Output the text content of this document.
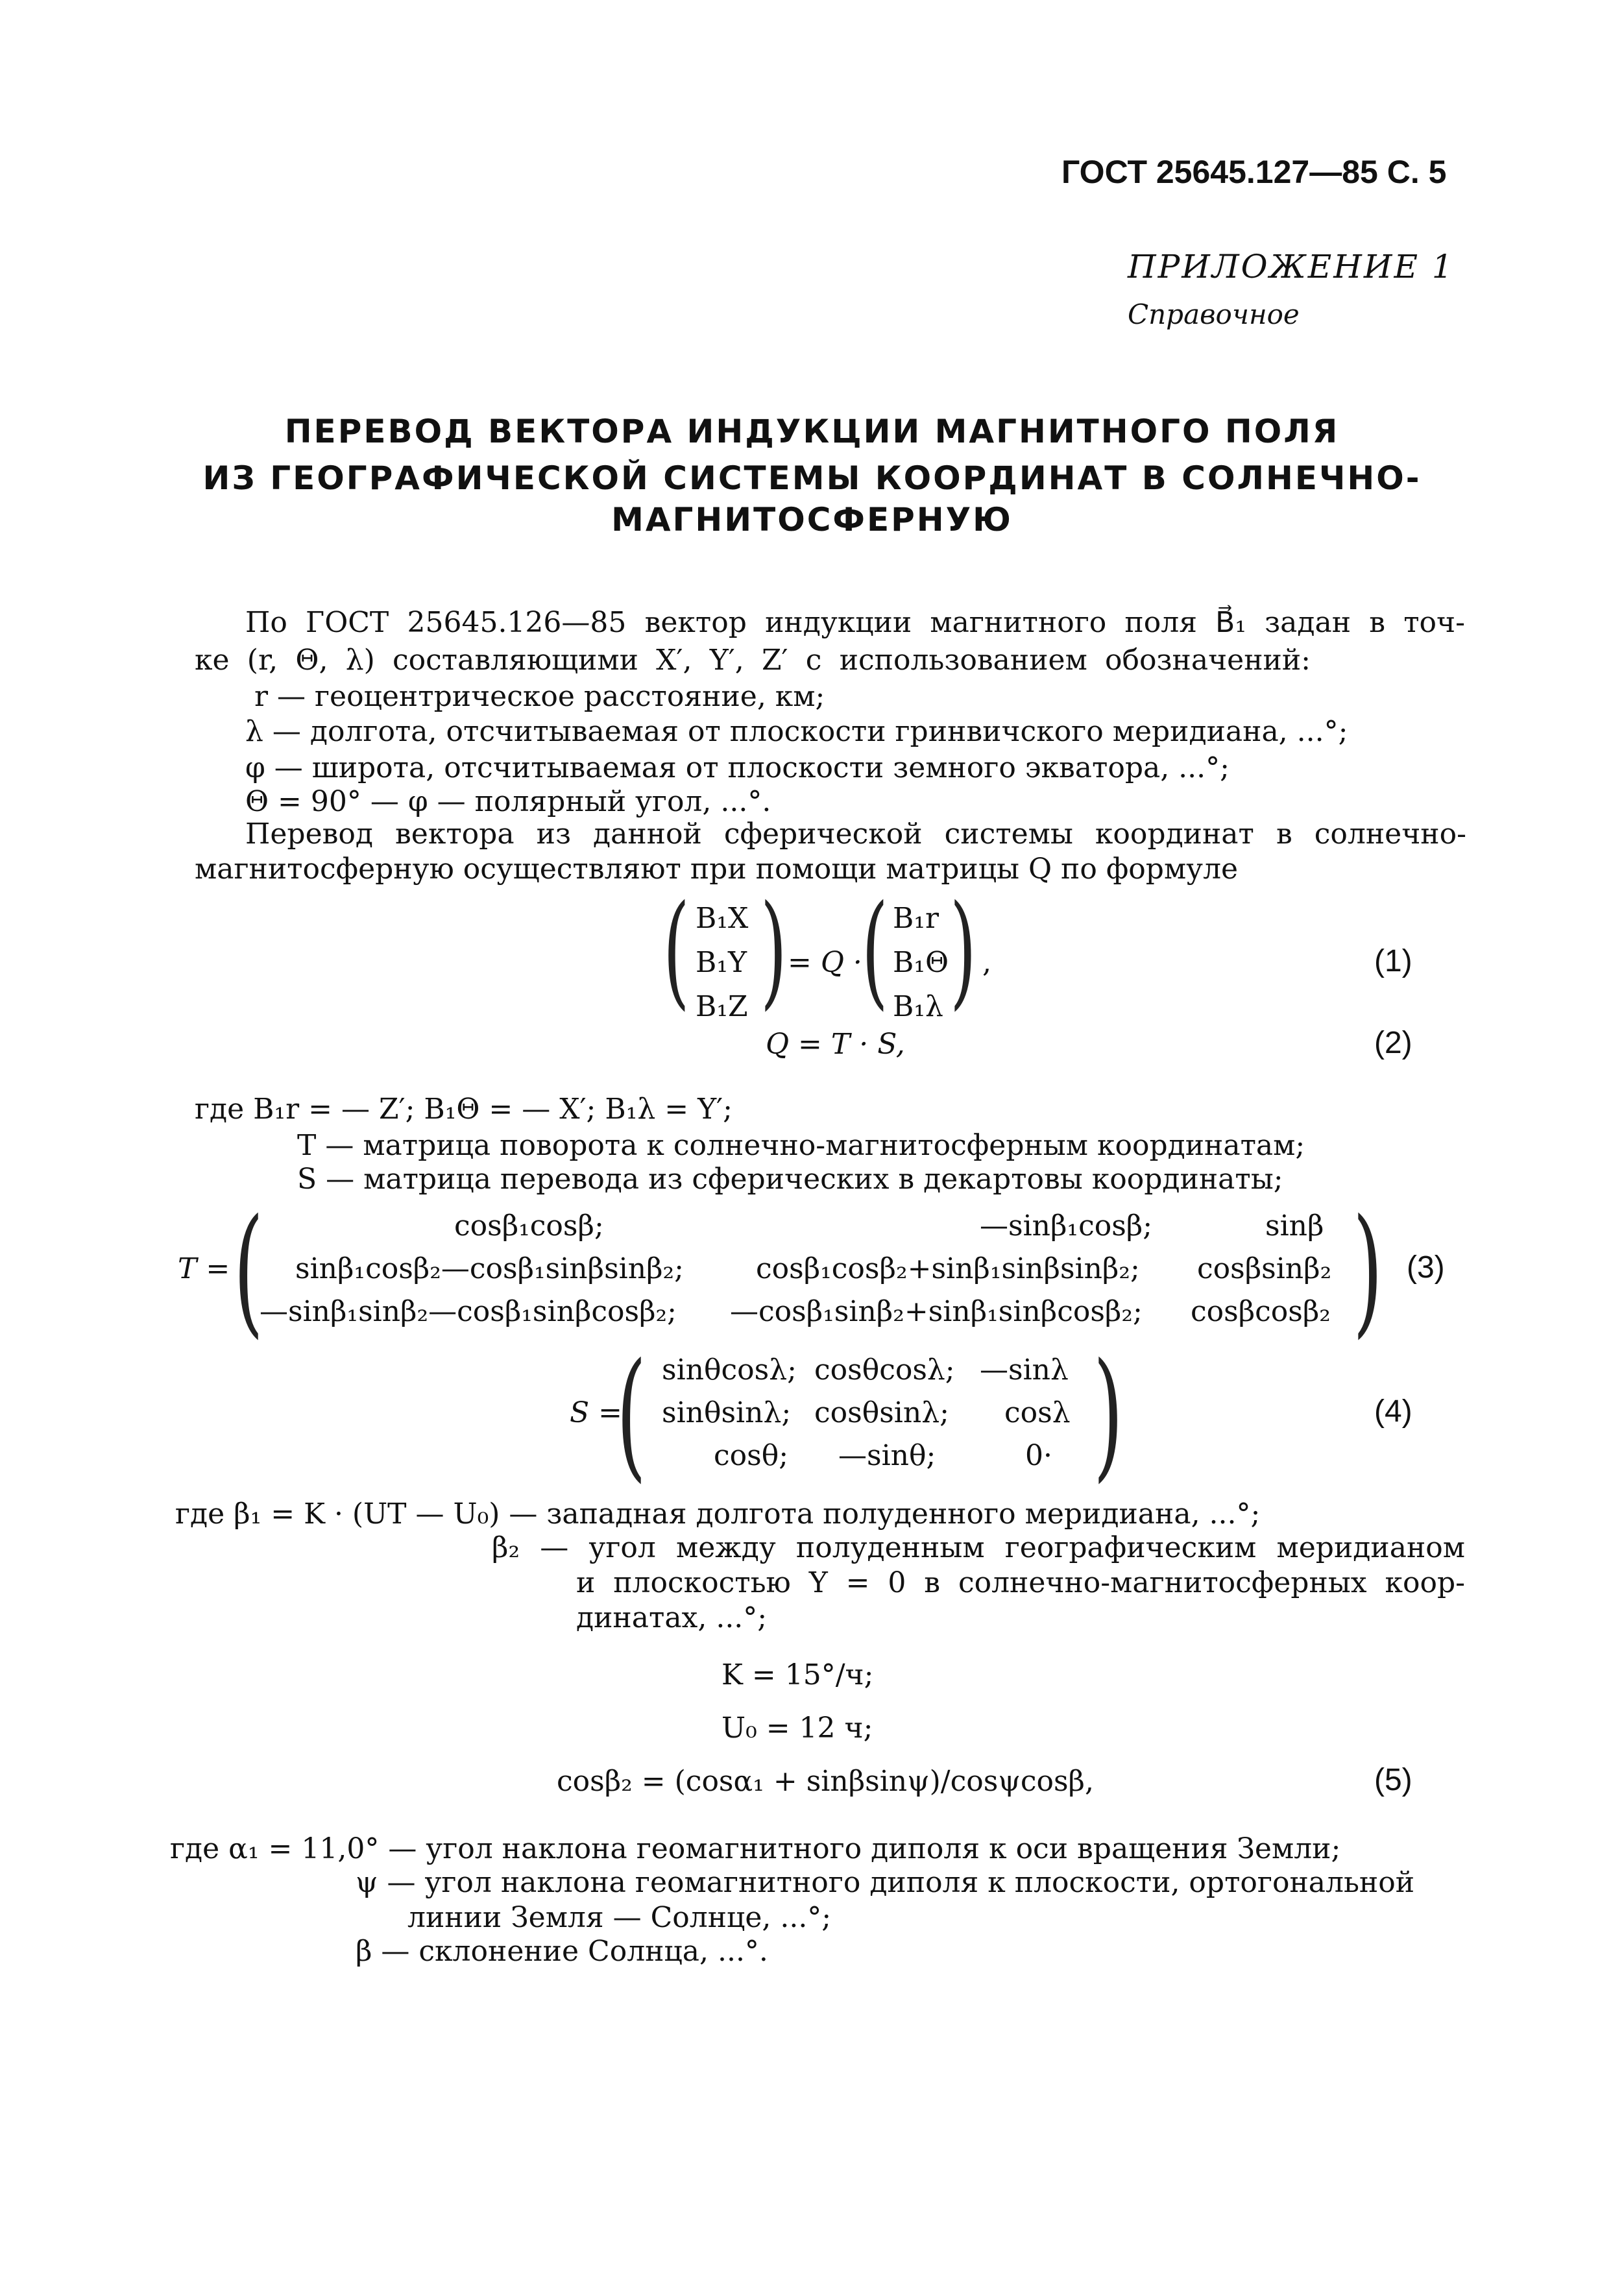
ГОСТ 25645.127—85 С. 5
ПРИЛОЖЕНИЕ 1
Справочное
ПЕРЕВОД ВЕКТОРА ИНДУКЦИИ МАГНИТНОГО ПОЛЯ
ИЗ ГЕОГРАФИЧЕСКОЙ СИСТЕМЫ КООРДИНАТ В СОЛНЕЧНО-
МАГНИТОСФЕРНУЮ
По ГОСТ 25645.126—85 вектор индукции магнитного поля B⃗₁ задан в точ-
ке (r, Θ, λ) составляющими X′, Y′, Z′ с использованием обозначений:
r — геоцентрическое расстояние, км;
λ — долгота, отсчитываемая от плоскости гринвичского меридиана, ...°;
φ — широта, отсчитываемая от плоскости земного экватора, ...°;
Θ = 90° — φ — полярный угол, ...°.
Перевод вектора из данной сферической системы координат в солнечно-
магнитосферную осуществляют при помощи матрицы Q по формуле
( B₁X
B₁Y
B₁Z ) = Q · ( B₁r
B₁Θ
B₁λ ) ,	(1)
Q = T · S,	(2)
где B₁r = — Z′; B₁Θ = — X′; B₁λ = Y′;
T — матрица поворота к солнечно-магнитосферным координатам;
S — матрица перевода из сферических в декартовы координаты;
T = (	cosβ₁cosβ;	—sinβ₁cosβ;	sinβ
sinβ₁cosβ₂—cosβ₁sinβsinβ₂;	cosβ₁cosβ₂+sinβ₁sinβsinβ₂; cosβsinβ₂
—sinβ₁sinβ₂—cosβ₁sinβcosβ₂; —cosβ₁sinβ₂+sinβ₁sinβcosβ₂; cosβcosβ₂ ) (3)
S =
( sinθcosλ; cosθcosλ; —sinλ
sinθsinλ; cosθsinλ; cosλ
cosθ; —sinθ;	0· )	(4)
где β₁ = K · (UT — U₀) — западная долгота полуденного меридиана, ...°;
β₂ — угол между полуденным географическим меридианом
и плоскостью Y = 0 в солнечно-магнитосферных коор-
динатах, ...°;
K = 15°/ч;
U₀ = 12 ч;
cosβ₂ = (cosα₁ + sinβsinψ)/cosψcosβ,	(5)
где α₁ = 11,0° — угол наклона геомагнитного диполя к оси вращения Земли;
ψ — угол наклона геомагнитного диполя к плоскости, ортогональной
линии Земля — Солнце, ...°;
β — склонение Солнца, ...°.
